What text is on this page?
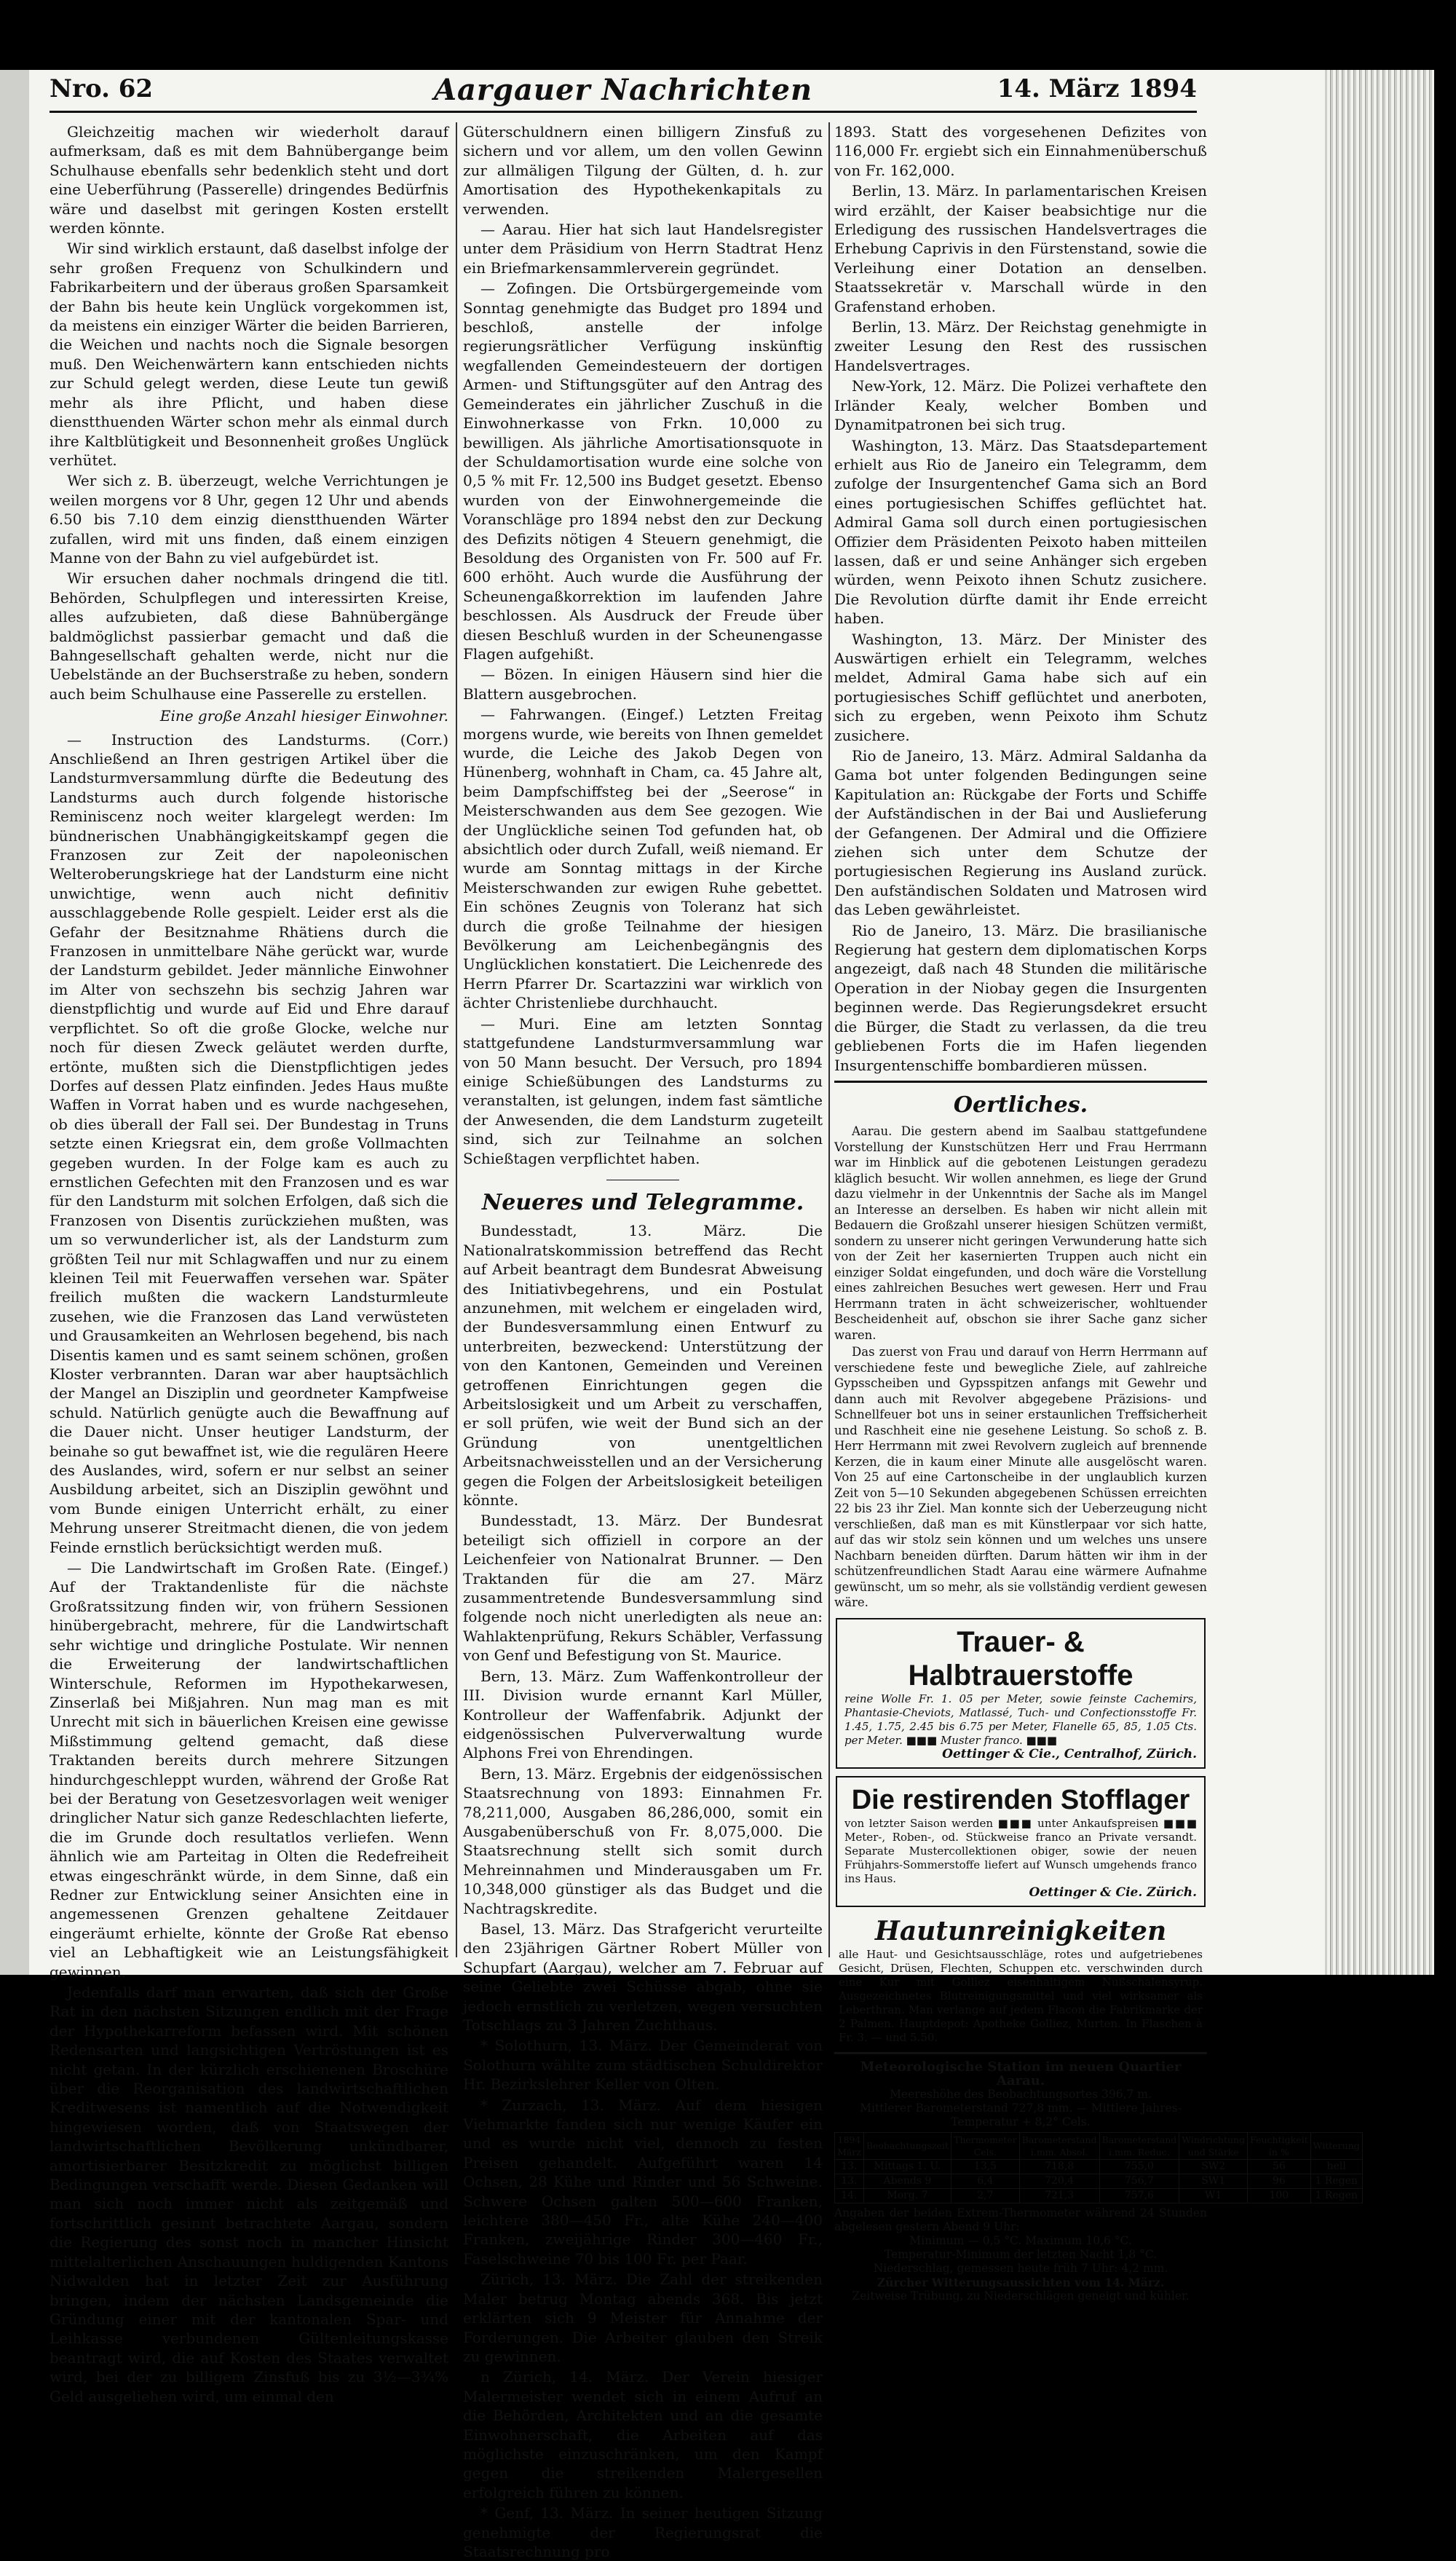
Nro. 62	Aargauer Nachrichten	14. März 1894

Gleichzeitig machen wir wiederholt darauf aufmerksam, daß es mit dem Bahnübergange beim Schulhause ebenfalls sehr bedenklich steht und dort eine Ueberführung (Passerelle) dringendes Bedürfnis wäre und daselbst mit geringen Kosten erstellt werden könnte.

Wir sind wirklich erstaunt, daß daselbst infolge der sehr großen Frequenz von Schulkindern und Fabrikarbeitern und der überaus großen Sparsamkeit der Bahn bis heute kein Unglück vorgekommen ist, da meistens ein einziger Wärter die beiden Barrieren, die Weichen und nachts noch die Signale besorgen muß. Den Weichenwärtern kann entschieden nichts zur Schuld gelegt werden, diese Leute tun gewiß mehr als ihre Pflicht, und haben diese dienstthuenden Wärter schon mehr als einmal durch ihre Kaltblütigkeit und Besonnenheit großes Unglück verhütet.

Wer sich z. B. überzeugt, welche Verrichtungen je weilen morgens vor 8 Uhr, gegen 12 Uhr und abends 6.50 bis 7.10 dem einzig dienstthuenden Wärter zufallen, wird mit uns finden, daß einem einzigen Manne von der Bahn zu viel aufgebürdet ist.

Wir ersuchen daher nochmals dringend die titl. Behörden, Schulpflegen und interessirten Kreise, alles aufzubieten, daß diese Bahnübergänge baldmöglichst passierbar gemacht und daß die Bahngesellschaft gehalten werde, nicht nur die Uebelstände an der Buchserstraße zu heben, sondern auch beim Schulhause eine Passerelle zu erstellen.

Eine große Anzahl hiesiger Einwohner.

— Instruction des Landsturms. (Corr.) Anschließend an Ihren gestrigen Artikel über die Landsturmversammlung dürfte die Bedeutung des Landsturms auch durch folgende historische Reminiscenz noch weiter klargelegt werden: Im bündnerischen Unabhängigkeitskampf gegen die Franzosen zur Zeit der napoleonischen Welteroberungskriege hat der Landsturm eine nicht unwichtige, wenn auch nicht definitiv ausschlaggebende Rolle gespielt. Leider erst als die Gefahr der Besitznahme Rhätiens durch die Franzosen in unmittelbare Nähe gerückt war, wurde der Landsturm gebildet. Jeder männliche Einwohner im Alter von sechszehn bis sechzig Jahren war dienstpflichtig und wurde auf Eid und Ehre darauf verpflichtet. So oft die große Glocke, welche nur noch für diesen Zweck geläutet werden durfte, ertönte, mußten sich die Dienstpflichtigen jedes Dorfes auf dessen Platz einfinden. Jedes Haus mußte Waffen in Vorrat haben und es wurde nachgesehen, ob dies überall der Fall sei. Der Bundestag in Truns setzte einen Kriegsrat ein, dem große Vollmachten gegeben wurden. In der Folge kam es auch zu ernstlichen Gefechten mit den Franzosen und es war für den Landsturm mit solchen Erfolgen, daß sich die Franzosen von Disentis zurückziehen mußten, was um so verwunderlicher ist, als der Landsturm zum größten Teil nur mit Schlagwaffen und nur zu einem kleinen Teil mit Feuerwaffen versehen war. Später freilich mußten die wackern Landsturmleute zusehen, wie die Franzosen das Land verwüsteten und Grausamkeiten an Wehrlosen begehend, bis nach Disentis kamen und es samt seinem schönen, großen Kloster verbrannten. Daran war aber hauptsächlich der Mangel an Disziplin und geordneter Kampfweise schuld. Natürlich genügte auch die Bewaffnung auf die Dauer nicht. Unser heutiger Landsturm, der beinahe so gut bewaffnet ist, wie die regulären Heere des Auslandes, wird, sofern er nur selbst an seiner Ausbildung arbeitet, sich an Disziplin gewöhnt und vom Bunde einigen Unterricht erhält, zu einer Mehrung unserer Streitmacht dienen, die von jedem Feinde ernstlich berücksichtigt werden muß.

— Die Landwirtschaft im Großen Rate. (Eingef.) Auf der Traktandenliste für die nächste Großratssitzung finden wir, von frühern Sessionen hinübergebracht, mehrere, für die Landwirtschaft sehr wichtige und dringliche Postulate. Wir nennen die Erweiterung der landwirtschaftlichen Winterschule, Reformen im Hypothekarwesen, Zinserlaß bei Mißjahren. Nun mag man es mit Unrecht mit sich in bäuerlichen Kreisen eine gewisse Mißstimmung geltend gemacht, daß diese Traktanden bereits durch mehrere Sitzungen hindurchgeschleppt wurden, während der Große Rat bei der Beratung von Gesetzesvorlagen weit weniger dringlicher Natur sich ganze Redeschlachten lieferte, die im Grunde doch resultatlos verliefen. Wenn ähnlich wie am Parteitag in Olten die Redefreiheit etwas eingeschränkt würde, in dem Sinne, daß ein Redner zur Entwicklung seiner Ansichten eine in angemessenen Grenzen gehaltene Zeitdauer eingeräumt erhielte, könnte der Große Rat ebenso viel an Lebhaftigkeit wie an Leistungsfähigkeit gewinnen.

Jedenfalls darf man erwarten, daß sich der Große Rat in den nächsten Sitzungen endlich mit der Frage der Hypothekarreform befassen wird. Mit schönen Redensarten und langsichtigen Vertröstungen ist es nicht getan. In der kürzlich erschienenen Broschüre über die Reorganisation des landwirtschaftlichen Kreditwesens ist namentlich auf die Notwendigkeit hingewiesen worden, daß von Staatswegen der landwirtschaftlichen Bevölkerung unkündbarer, amortisierbarer Besitzkredit zu möglichst billigen Bedingungen verschafft werde. Diesen Gedanken will man sich noch immer nicht als zeitgemäß und fortschrittlich gesinnt betrachtete Aargau, sondern die Regierung des sonst noch in mancher Hinsicht mittelalterlichen Anschauungen huldigenden Kantons Nidwalden hat in letzter Zeit zur Ausführung bringen, indem der nächsten Landsgemeinde die Gründung einer mit der kantonalen Spar- und Leihkasse verbundenen Gültenleitungskasse beantragt wird, die auf Kosten des Staates verwaltet wird, bei der zu billigem Zinsfuß bis zu 3½—3¾% Geld ausgeliehen wird, um einmal den

Güterschuldnern einen billigern Zinsfuß zu sichern und vor allem, um den vollen Gewinn zur allmäligen Tilgung der Gülten, d. h. zur Amortisation des Hypothekenkapitals zu verwenden.

— Aarau. Hier hat sich laut Handelsregister unter dem Präsidium von Herrn Stadtrat Henz ein Briefmarkensammlerverein gegründet.

— Zofingen. Die Ortsbürgergemeinde vom Sonntag genehmigte das Budget pro 1894 und beschloß, anstelle der infolge regierungsrätlicher Verfügung inskünftig wegfallenden Gemeindesteuern der dortigen Armen- und Stiftungsgüter auf den Antrag des Gemeinderates ein jährlicher Zuschuß in die Einwohnerkasse von Frkn. 10,000 zu bewilligen. Als jährliche Amortisationsquote in der Schuldamortisation wurde eine solche von 0,5 % mit Fr. 12,500 ins Budget gesetzt. Ebenso wurden von der Einwohnergemeinde die Voranschläge pro 1894 nebst den zur Deckung des Defizits nötigen 4 Steuern genehmigt, die Besoldung des Organisten von Fr. 500 auf Fr. 600 erhöht. Auch wurde die Ausführung der Scheunengaßkorrektion im laufenden Jahre beschlossen. Als Ausdruck der Freude über diesen Beschluß wurden in der Scheunengasse Flagen aufgehißt.

— Bözen. In einigen Häusern sind hier die Blattern ausgebrochen.

— Fahrwangen. (Eingef.) Letzten Freitag morgens wurde, wie bereits von Ihnen gemeldet wurde, die Leiche des Jakob Degen von Hünenberg, wohnhaft in Cham, ca. 45 Jahre alt, beim Dampfschiffsteg bei der „Seerose“ in Meisterschwanden aus dem See gezogen. Wie der Unglückliche seinen Tod gefunden hat, ob absichtlich oder durch Zufall, weiß niemand. Er wurde am Sonntag mittags in der Kirche Meisterschwanden zur ewigen Ruhe gebettet. Ein schönes Zeugnis von Toleranz hat sich durch die große Teilnahme der hiesigen Bevölkerung am Leichenbegängnis des Unglücklichen konstatiert. Die Leichenrede des Herrn Pfarrer Dr. Scartazzini war wirklich von ächter Christenliebe durchhaucht.

— Muri. Eine am letzten Sonntag stattgefundene Landsturmversammlung war von 50 Mann besucht. Der Versuch, pro 1894 einige Schießübungen des Landsturms zu veranstalten, ist gelungen, indem fast sämtliche der Anwesenden, die dem Landsturm zugeteilt sind, sich zur Teilnahme an solchen Schießtagen verpflichtet haben.

Neueres und Telegramme.

Bundesstadt, 13. März. Die Nationalratskommission betreffend das Recht auf Arbeit beantragt dem Bundesrat Abweisung des Initiativbegehrens, und ein Postulat anzunehmen, mit welchem er eingeladen wird, der Bundesversammlung einen Entwurf zu unterbreiten, bezweckend: Unterstützung der von den Kantonen, Gemeinden und Vereinen getroffenen Einrichtungen gegen die Arbeitslosigkeit und um Arbeit zu verschaffen, er soll prüfen, wie weit der Bund sich an der Gründung von unentgeltlichen Arbeitsnachweisstellen und an der Versicherung gegen die Folgen der Arbeitslosigkeit beteiligen könnte.

Bundesstadt, 13. März. Der Bundesrat beteiligt sich offiziell in corpore an der Leichenfeier von Nationalrat Brunner. — Den Traktanden für die am 27. März zusammentretende Bundesversammlung sind folgende noch nicht unerledigten als neue an: Wahlaktenprüfung, Rekurs Schäbler, Verfassung von Genf und Befestigung von St. Maurice.

Bern, 13. März. Zum Waffenkontrolleur der III. Division wurde ernannt Karl Müller, Kontrolleur der Waffenfabrik. Adjunkt der eidgenössischen Pulververwaltung wurde Alphons Frei von Ehrendingen.

Bern, 13. März. Ergebnis der eidgenössischen Staatsrechnung von 1893: Einnahmen Fr. 78,211,000, Ausgaben 86,286,000, somit ein Ausgabenüberschuß von Fr. 8,075,000. Die Staatsrechnung stellt sich somit durch Mehreinnahmen und Minderausgaben um Fr. 10,348,000 günstiger als das Budget und die Nachtragskredite.

Basel, 13. März. Das Strafgericht verurteilte den 23jährigen Gärtner Robert Müller von Schupfart (Aargau), welcher am 7. Februar auf seine Geliebte zwei Schüsse abgab, ohne sie jedoch ernstlich zu verletzen, wegen versuchten Totschlags zu 3 Jahren Zuchthaus.

* Solothurn, 13. März. Der Gemeinderat von Solothurn wählte zum städtischen Schuldirektor Hr. Bezirkslehrer Keller von Olten.

* Zurzach, 13. März. Auf dem hiesigen Viehmarkte fanden sich nur wenige Käufer ein und es wurde nicht viel, dennoch zu festen Preisen gehandelt. Aufgeführt waren 14 Ochsen, 28 Kühe und Rinder und 56 Schweine. Schwere Ochsen galten 500—600 Franken, leichtere 380—450 Fr., alte Kühe 240—400 Franken, zweijährige Rinder 300—460 Fr., Faselschweine 70 bis 100 Fr. per Paar.

Zürich, 13. März. Die Zahl der streikenden Maler betrug Montag abends 368. Bis jetzt erklärten sich 9 Meister für Annahme der Forderungen. Die Arbeiter glauben den Streik zu gewinnen.

n Zürich, 14. März. Der Verein hiesiger Malermeister wendet sich in einem Aufruf an die Behörden, Architekten und an die gesamte Einwohnerschaft, die Arbeiten auf das möglichste einzuschränken, um den Kampf gegen die streikenden Malergesellen erfolgreich führen zu können.

* Genf, 13. März. In seiner heutigen Sitzung genehmigte der Regierungsrat die Staatsrechnung pro

1893. Statt des vorgesehenen Defizites von 116,000 Fr. ergiebt sich ein Einnahmenüberschuß von Fr. 162,000.

Berlin, 13. März. In parlamentarischen Kreisen wird erzählt, der Kaiser beabsichtige nur die Erledigung des russischen Handelsvertrages die Erhebung Caprivis in den Fürstenstand, sowie die Verleihung einer Dotation an denselben. Staatssekretär v. Marschall würde in den Grafenstand erhoben.

Berlin, 13. März. Der Reichstag genehmigte in zweiter Lesung den Rest des russischen Handelsvertrages.

New-York, 12. März. Die Polizei verhaftete den Irländer Kealy, welcher Bomben und Dynamitpatronen bei sich trug.

Washington, 13. März. Das Staatsdepartement erhielt aus Rio de Janeiro ein Telegramm, dem zufolge der Insurgentenchef Gama sich an Bord eines portugiesischen Schiffes geflüchtet hat. Admiral Gama soll durch einen portugiesischen Offizier dem Präsidenten Peixoto haben mitteilen lassen, daß er und seine Anhänger sich ergeben würden, wenn Peixoto ihnen Schutz zusichere. Die Revolution dürfte damit ihr Ende erreicht haben.

Washington, 13. März. Der Minister des Auswärtigen erhielt ein Telegramm, welches meldet, Admiral Gama habe sich auf ein portugiesisches Schiff geflüchtet und anerboten, sich zu ergeben, wenn Peixoto ihm Schutz zusichere.

Rio de Janeiro, 13. März. Admiral Saldanha da Gama bot unter folgenden Bedingungen seine Kapitulation an: Rückgabe der Forts und Schiffe der Aufständischen in der Bai und Auslieferung der Gefangenen. Der Admiral und die Offiziere ziehen sich unter dem Schutze der portugiesischen Regierung ins Ausland zurück. Den aufständischen Soldaten und Matrosen wird das Leben gewährleistet.

Rio de Janeiro, 13. März. Die brasilianische Regierung hat gestern dem diplomatischen Korps angezeigt, daß nach 48 Stunden die militärische Operation in der Niobay gegen die Insurgenten beginnen werde. Das Regierungsdekret ersucht die Bürger, die Stadt zu verlassen, da die treu gebliebenen Forts die im Hafen liegenden Insurgentenschiffe bombardieren müssen.

Oertliches.

Aarau. Die gestern abend im Saalbau stattgefundene Vorstellung der Kunstschützen Herr und Frau Herrmann war im Hinblick auf die gebotenen Leistungen geradezu kläglich besucht. Wir wollen annehmen, es liege der Grund dazu vielmehr in der Unkenntnis der Sache als im Mangel an Interesse an derselben. Es haben wir nicht allein mit Bedauern die Großzahl unserer hiesigen Schützen vermißt, sondern zu unserer nicht geringen Verwunderung hatte sich von der Zeit her kasernierten Truppen auch nicht ein einziger Soldat eingefunden, und doch wäre die Vorstellung eines zahlreichen Besuches wert gewesen. Herr und Frau Herrmann traten in ächt schweizerischer, wohltuender Bescheidenheit auf, obschon sie ihrer Sache ganz sicher waren.

Das zuerst von Frau und darauf von Herrn Herrmann auf verschiedene feste und bewegliche Ziele, auf zahlreiche Gypsscheiben und Gypsspitzen anfangs mit Gewehr und dann auch mit Revolver abgegebene Präzisions- und Schnellfeuer bot uns in seiner erstaunlichen Treffsicherheit und Raschheit eine nie gesehene Leistung. So schoß z. B. Herr Herrmann mit zwei Revolvern zugleich auf brennende Kerzen, die in kaum einer Minute alle ausgelöscht waren. Von 25 auf eine Cartonscheibe in der unglaublich kurzen Zeit von 5—10 Sekunden abgegebenen Schüssen erreichten 22 bis 23 ihr Ziel. Man konnte sich der Ueberzeugung nicht verschließen, daß man es mit Künstlerpaar vor sich hatte, auf das wir stolz sein können und um welches uns unsere Nachbarn beneiden dürften. Darum hätten wir ihm in der schützenfreundlichen Stadt Aarau eine wärmere Aufnahme gewünscht, um so mehr, als sie vollständig verdient gewesen wäre.

Trauer- & Halbtrauerstoffe
reine Wolle Fr. 1. 05 per Meter, sowie feinste Cachemirs, Phantasie-Cheviots, Matlassé, Tuch- und Confectionsstoffe Fr. 1.45, 1.75, 2.45 bis 6.75 per Meter, Flanelle 65, 85, 1.05 Cts. per Meter. ■■■ Muster franco. ■■■
Oettinger & Cie., Centralhof, Zürich.
Die restirenden Stofflager
von letzter Saison werden ■■■ unter Ankaufspreisen ■■■ Meter-, Roben-, od. Stückweise franco an Private versandt. Separate Mustercollektionen obiger, sowie der neuen Frühjahrs-Sommerstoffe liefert auf Wunsch umgehends franco ins Haus.
Oettinger & Cie. Zürich.
Hautunreinigkeiten
alle Haut- und Gesichtsausschläge, rotes und aufgetriebenes Gesicht, Drüsen, Flechten, Schuppen etc. verschwinden durch eine Kur mit Golliez eisenhaltigem Nußschalensyrup. Ausgezeichnetes Blutreinigungsmittel und viel wirksamer als Leberthran. Man verlange auf jedem Flacon die Fabrikmarke der 2 Palmen. Hauptdepot: Apotheke Golliez, Murten. In Flaschen à Fr. 3. — und 5.50.
Meteorologische Station im neuen Quartier Aarau.
Meereshöhe des Beobachtungsortes 396,7 m.
Mittlerer Barometerstand 727,8 mm. — Mittlere Jahres-Temperatur + 8,2° Cels.
1894 März	Beobachtungszeit	Thermometer Cels.	Barometerstand i.mm. Absol.	Barometerstand i.mm. Reduc.	Windrichtung und Stärke	Feuchtigkeit in %	Witterung
13.	Mittags 1. U.	13,5	718,8	755,0	SW2	56	hell
13.	Abends 9	6,4	720,4	756,7	SW1	96	1 Regen
14.	Morg. 7	2,7	721,3	757,6	W1	100	1 Regen
Angaben der beiden Extrem-Thermometer während 24 Stunden abgelesen gestern Abend 9 Uhr:
Minimum — 0,5 °C. Maximum 10,6 °C.
Temperatur-Minimum der letzten Nacht 1,8 °C.
Niederschlag, gemessen heute früh 7 Uhr: 4,2 mm.
Zürcher Witterungsaussichten vom 14. März.
Zeitweise Trübung, zu Niederschlägen geneigt und kühler.
